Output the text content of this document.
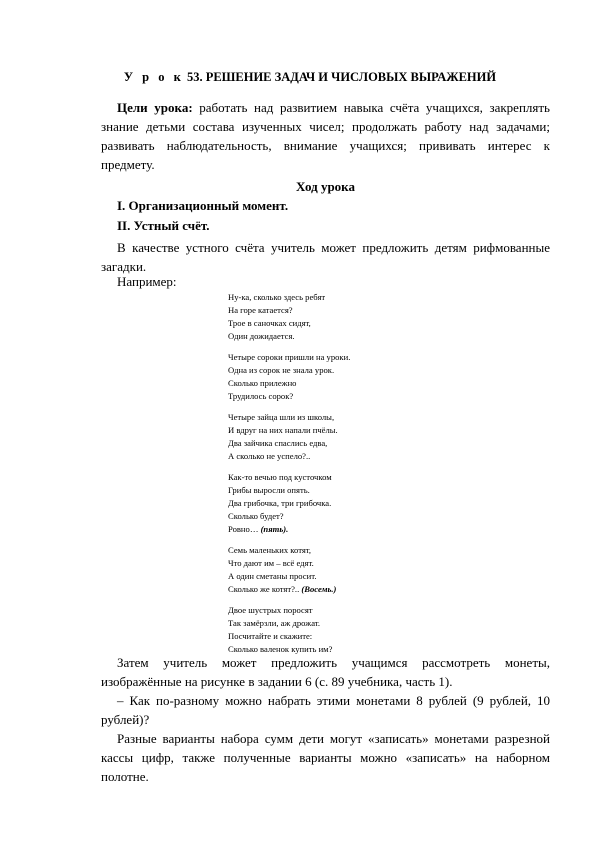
У р о к 53. РЕШЕНИЕ ЗАДАЧ И ЧИСЛОВЫХ ВЫРАЖЕНИЙ
Цели урока: работать над развитием навыка счёта учащихся, закреплять знание детьми состава изученных чисел; продолжать работу над задачами; развивать наблюдательность, внимание учащихся; прививать интерес к предмету.
Ход урока
I. Организационный момент.
II. Устный счёт.
В качестве устного счёта учитель может предложить детям рифмованные загадки.
Например:
Ну-ка, сколько здесь ребят
На горе катается?
Трое в саночках сидят,
Один дожидается.
Четыре сороки пришли на уроки.
Одна из сорок не знала урок.
Сколько прилежно
Трудилось сорок?
Четыре зайца шли из школы,
И вдруг на них напали пчёлы.
Два зайчика спаслись едва,
А сколько не успело?..
Как-то вечью под кусточком
Грибы выросли опять.
Два грибочка, три грибочка.
Сколько будет?
Ровно… (пять).
Семь маленьких котят,
Что дают им – всё едят.
А один сметаны просит.
Сколько же котят?.. (Восемь.)
Двое шустрых поросят
Так замёрзли, аж дрожат.
Посчитайте и скажите:
Сколько валенок купить им?
Затем учитель может предложить учащимся рассмотреть монеты, изображённые на рисунке в задании 6 (с. 89 учебника, часть 1).
– Как по-разному можно набрать этими монетами 8 рублей (9 рублей, 10 рублей)?
Разные варианты набора сумм дети могут «записать» монетами разрезной кассы цифр, также полученные варианты можно «записать» на наборном полотне.
